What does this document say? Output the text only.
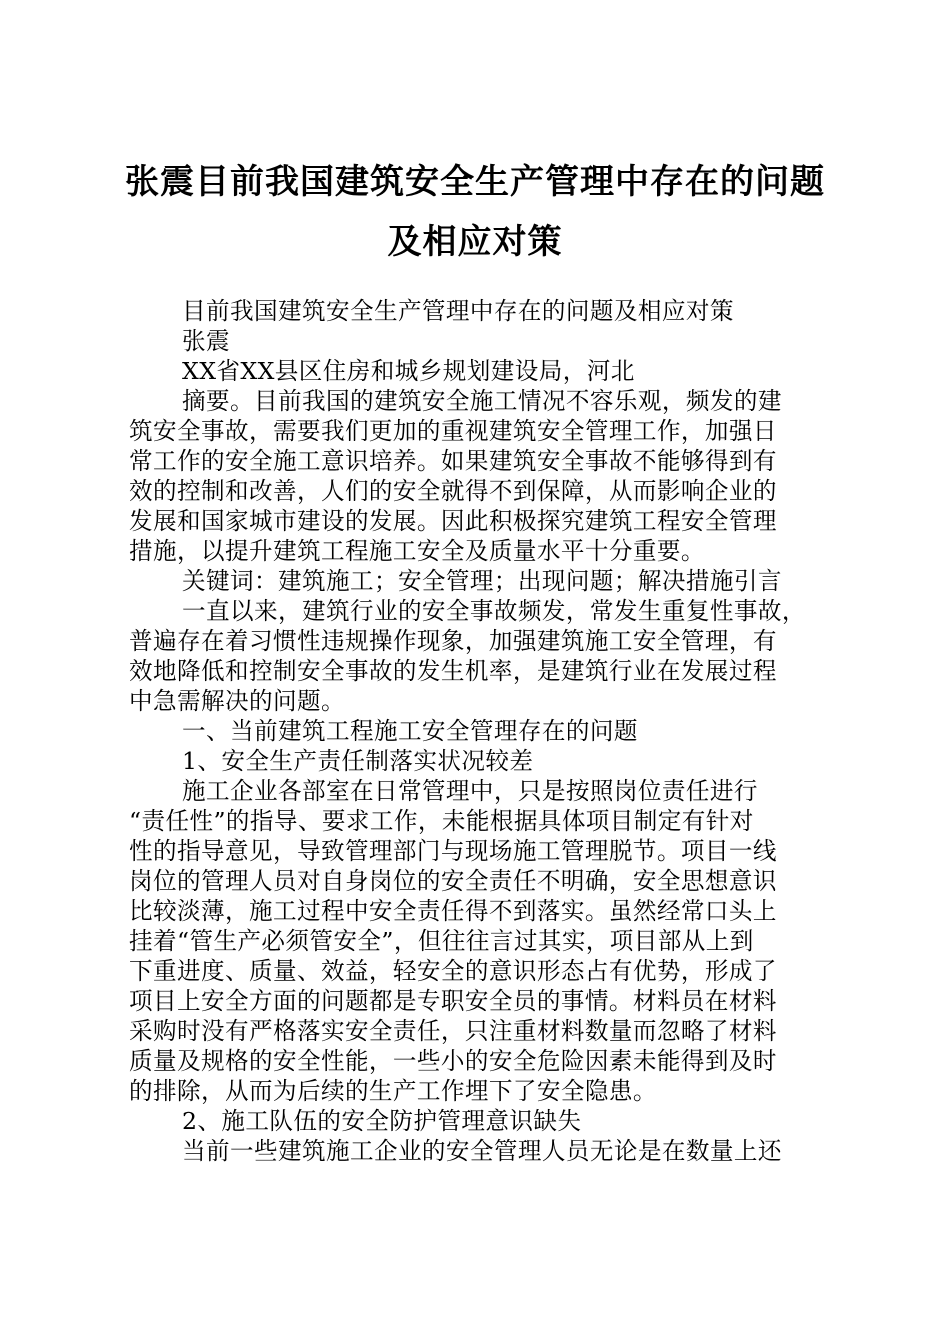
张震目前我国建筑安全生产管理中存在的问题
及相应对策
目前我国建筑安全生产管理中存在的问题及相应对策
张震
XX省XX县区住房和城乡规划建设局，河北
摘要。目前我国的建筑安全施工情况不容乐观，频发的建
筑安全事故，需要我们更加的重视建筑安全管理工作，加强日
常工作的安全施工意识培养。如果建筑安全事故不能够得到有
效的控制和改善，人们的安全就得不到保障，从而影响企业的
发展和国家城市建设的发展。因此积极探究建筑工程安全管理
措施，以提升建筑工程施工安全及质量水平十分重要。
关键词：建筑施工；安全管理；出现问题；解决措施引言
一直以来，建筑行业的安全事故频发，常发生重复性事故，
普遍存在着习惯性违规操作现象，加强建筑施工安全管理，有
效地降低和控制安全事故的发生机率，是建筑行业在发展过程
中急需解决的问题。
一、当前建筑工程施工安全管理存在的问题
1、安全生产责任制落实状况较差
施工企业各部室在日常管理中，只是按照岗位责任进行
“责任性”的指导、要求工作，未能根据具体项目制定有针对
性的指导意见，导致管理部门与现场施工管理脱节。项目一线
岗位的管理人员对自身岗位的安全责任不明确，安全思想意识
比较淡薄，施工过程中安全责任得不到落实。虽然经常口头上
挂着“管生产必须管安全”，但往往言过其实，项目部从上到
下重进度、质量、效益，轻安全的意识形态占有优势，形成了
项目上安全方面的问题都是专职安全员的事情。材料员在材料
采购时没有严格落实安全责任，只注重材料数量而忽略了材料
质量及规格的安全性能，一些小的安全危险因素未能得到及时
的排除，从而为后续的生产工作埋下了安全隐患。
2、施工队伍的安全防护管理意识缺失
当前一些建筑施工企业的安全管理人员无论是在数量上还
